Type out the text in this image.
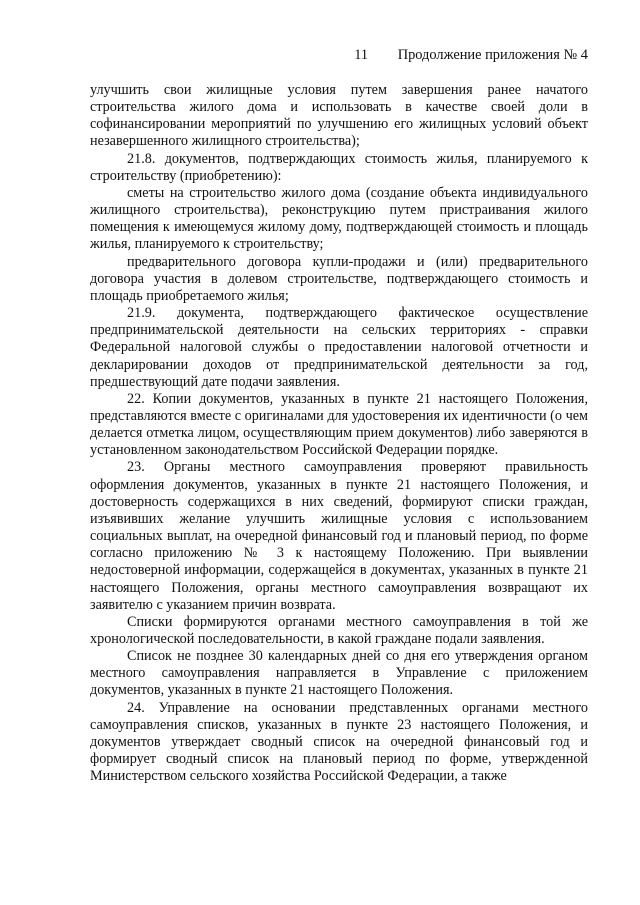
11 Продолжение приложения № 4

улучшить свои жилищные условия путем завершения ранее начатого строительства жилого дома и использовать в качестве своей доли в софинансировании мероприятий по улучшению его жилищных условий объект незавершенного жилищного строительства);

21.8. документов, подтверждающих стоимость жилья, планируемого к строительству (приобретению):

сметы на строительство жилого дома (создание объекта индивидуального жилищного строительства), реконструкцию путем пристраивания жилого помещения к имеющемуся жилому дому, подтверждающей стоимость и площадь жилья, планируемого к строительству;

предварительного договора купли-продажи и (или) предварительного договора участия в долевом строительстве, подтверждающего стоимость и площадь приобретаемого жилья;

21.9. документа, подтверждающего фактическое осуществление предпринимательской деятельности на сельских территориях - справки Федеральной налоговой службы о предоставлении налоговой отчетности и декларировании доходов от предпринимательской деятельности за год, предшествующий дате подачи заявления.

22. Копии документов, указанных в пункте 21 настоящего Положения, представляются вместе с оригиналами для удостоверения их идентичности (о чем делается отметка лицом, осуществляющим прием документов) либо заверяются в установленном законодательством Российской Федерации порядке.

23. Органы местного самоуправления проверяют правильность оформления документов, указанных в пункте 21 настоящего Положения, и достоверность содержащихся в них сведений, формируют списки граждан, изъявивших желание улучшить жилищные условия с использованием социальных выплат, на очередной финансовый год и плановый период, по форме согласно приложению № 3 к настоящему Положению. При выявлении недостоверной информации, содержащейся в документах, указанных в пункте 21 настоящего Положения, органы местного самоуправления возвращают их заявителю с указанием причин возврата.

Списки формируются органами местного самоуправления в той же хронологической последовательности, в какой граждане подали заявления.

Список не позднее 30 календарных дней со дня его утверждения органом местного самоуправления направляется в Управление с приложением документов, указанных в пункте 21 настоящего Положения.

24. Управление на основании представленных органами местного самоуправления списков, указанных в пункте 23 настоящего Положения, и документов утверждает сводный список на очередной финансовый год и формирует сводный список на плановый период по форме, утвержденной Министерством сельского хозяйства Российской Федерации, а также
